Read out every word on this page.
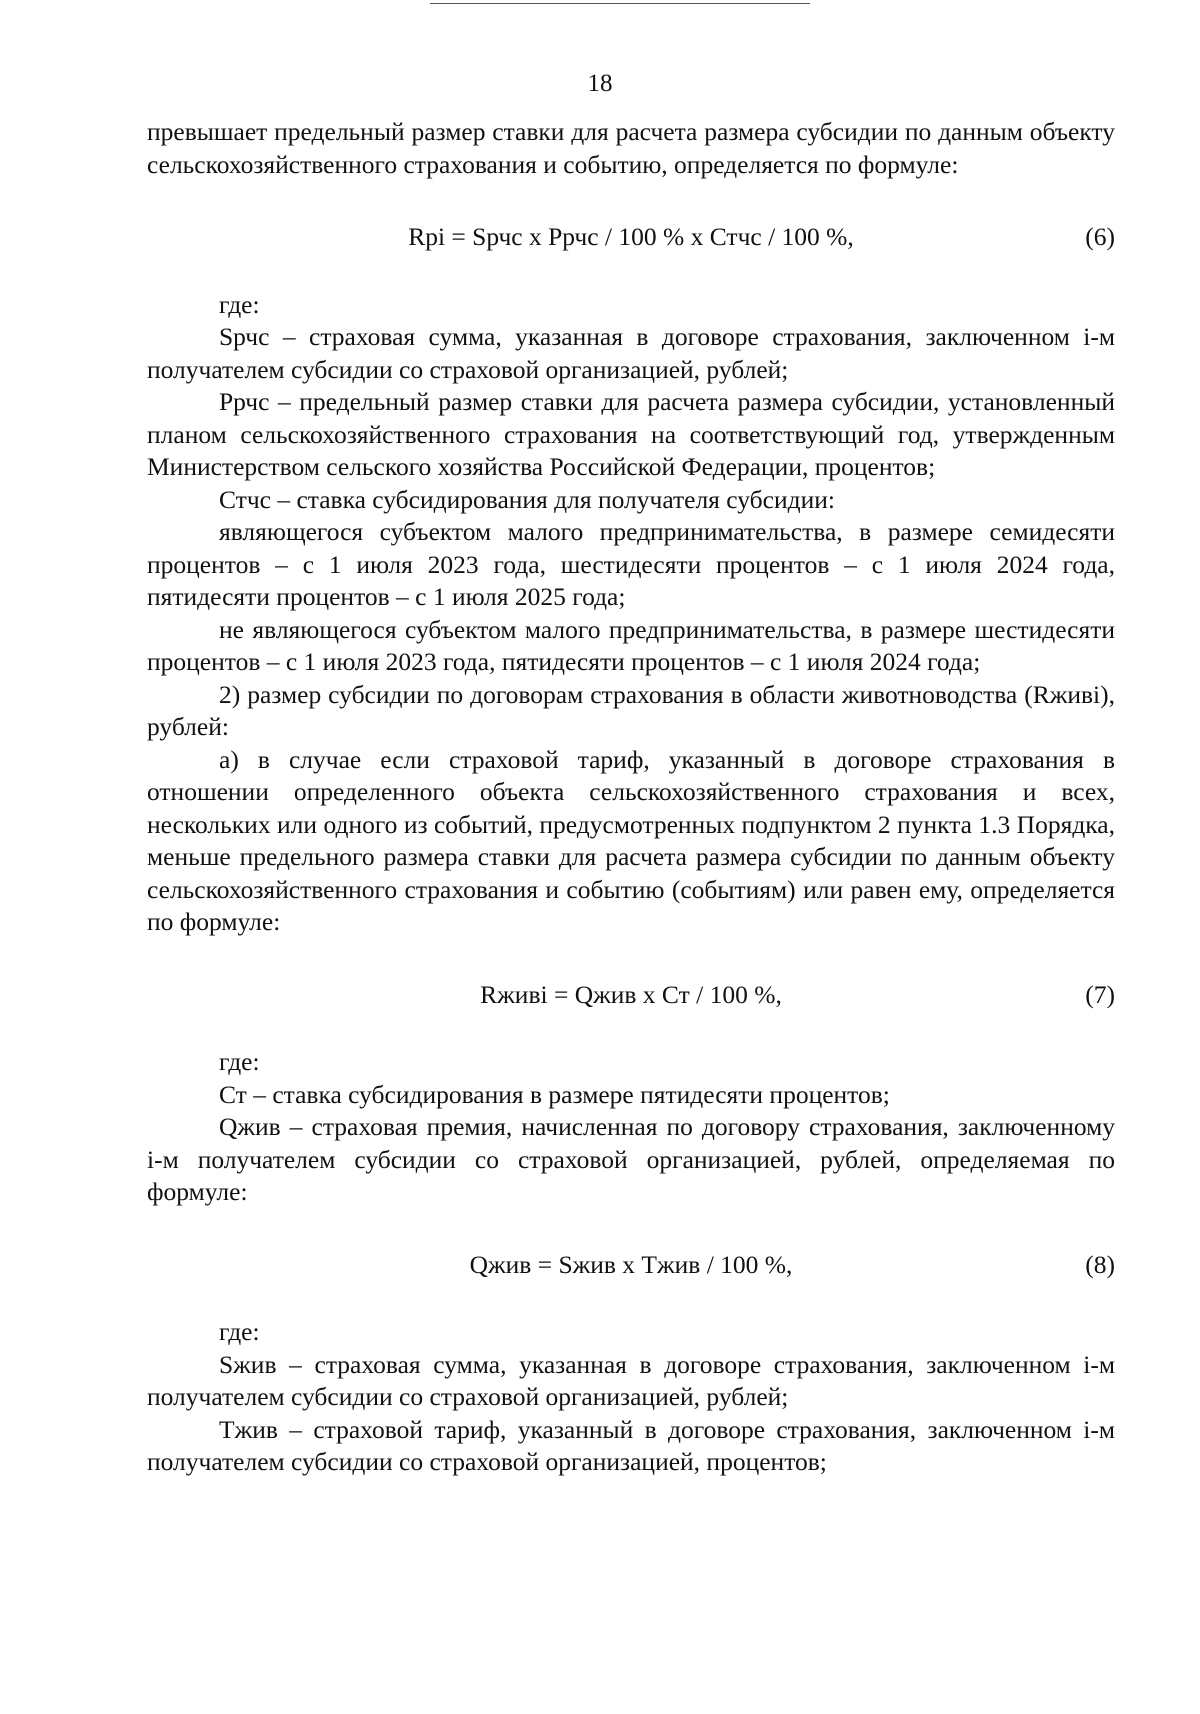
18

превышает предельный размер ставки для расчета размера субсидии по данным объекту сельскохозяйственного страхования и событию, определяется по формуле:

Rpi = Sрчс х Ррчс / 100 % х Стчс / 100 %,	(6)

где:

Sрчс – страховая сумма, указанная в договоре страхования, заключенном i-м получателем субсидии со страховой организацией, рублей;

Ррчс – предельный размер ставки для расчета размера субсидии, установленный планом сельскохозяйственного страхования на соответствующий год, утвержденным Министерством сельского хозяйства Российской Федерации, процентов;

Стчс – ставка субсидирования для получателя субсидии:

являющегося субъектом малого предпринимательства, в размере семидесяти процентов – с 1 июля 2023 года, шестидесяти процентов – с 1 июля 2024 года, пятидесяти процентов – с 1 июля 2025 года;

не являющегося субъектом малого предпринимательства, в размере шестидесяти процентов – с 1 июля 2023 года, пятидесяти процентов – с 1 июля 2024 года;

2) размер субсидии по договорам страхования в области животноводства (Rживi), рублей:

а) в случае если страховой тариф, указанный в договоре страхования в отношении определенного объекта сельскохозяйственного страхования и всех, нескольких или одного из событий, предусмотренных подпунктом 2 пункта 1.3 Порядка, меньше предельного размера ставки для расчета размера субсидии по данным объекту сельскохозяйственного страхования и событию (событиям) или равен ему, определяется по формуле:

Rживi = Qжив х Ст / 100 %,	(7)

где:

Ст – ставка субсидирования в размере пятидесяти процентов;

Qжив – страховая премия, начисленная по договору страхования, заключенному i-м получателем субсидии со страховой организацией, рублей, определяемая по формуле:

Qжив = Sжив х Тжив / 100 %,	(8)

где:

Sжив – страховая сумма, указанная в договоре страхования, заключенном i-м получателем субсидии со страховой организацией, рублей;

Тжив – страховой тариф, указанный в договоре страхования, заключенном i-м получателем субсидии со страховой организацией, процентов;
